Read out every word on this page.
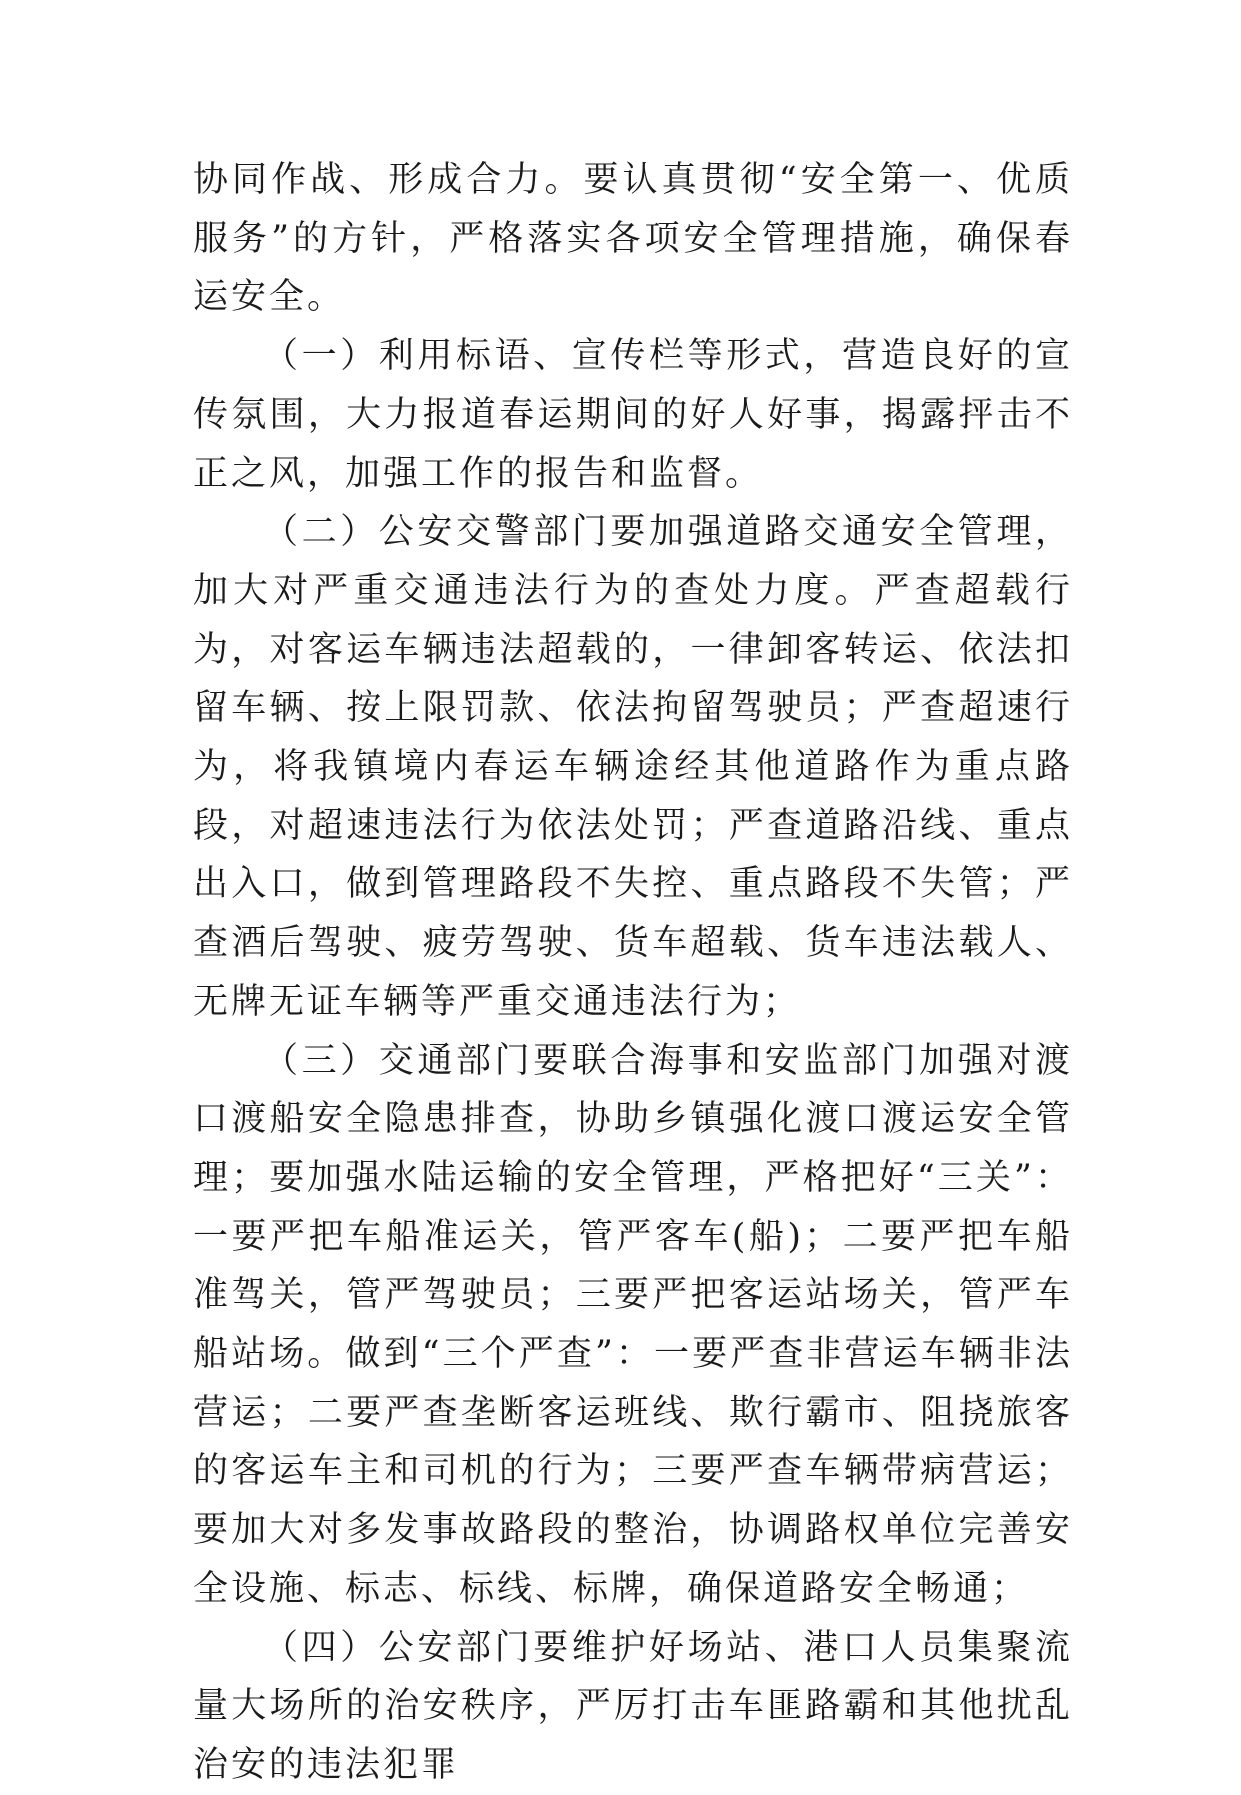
协同作战、形成合力。要认真贯彻“安全第一、优质服务”的方针，严格落实各项安全管理措施，确保春运安全。

（一）利用标语、宣传栏等形式，营造良好的宣传氛围，大力报道春运期间的好人好事，揭露抨击不正之风，加强工作的报告和监督。

（二）公安交警部门要加强道路交通安全管理，加大对严重交通违法行为的查处力度。严查超载行为，对客运车辆违法超载的，一律卸客转运、依法扣留车辆、按上限罚款、依法拘留驾驶员；严查超速行为，将我镇境内春运车辆途经其他道路作为重点路段，对超速违法行为依法处罚；严查道路沿线、重点出入口，做到管理路段不失控、重点路段不失管；严查酒后驾驶、疲劳驾驶、货车超载、货车违法载人、无牌无证车辆等严重交通违法行为；

（三）交通部门要联合海事和安监部门加强对渡口渡船安全隐患排查，协助乡镇强化渡口渡运安全管理；要加强水陆运输的安全管理，严格把好“三关”：一要严把车船准运关，管严客车(船)；二要严把车船准驾关，管严驾驶员；三要严把客运站场关，管严车船站场。做到“三个严查”：一要严查非营运车辆非法营运；二要严查垄断客运班线、欺行霸市、阻挠旅客的客运车主和司机的行为；三要严查车辆带病营运；要加大对多发事故路段的整治，协调路权单位完善安全设施、标志、标线、标牌，确保道路安全畅通；

（四）公安部门要维护好场站、港口人员集聚流量大场所的治安秩序，严厉打击车匪路霸和其他扰乱治安的违法犯罪
